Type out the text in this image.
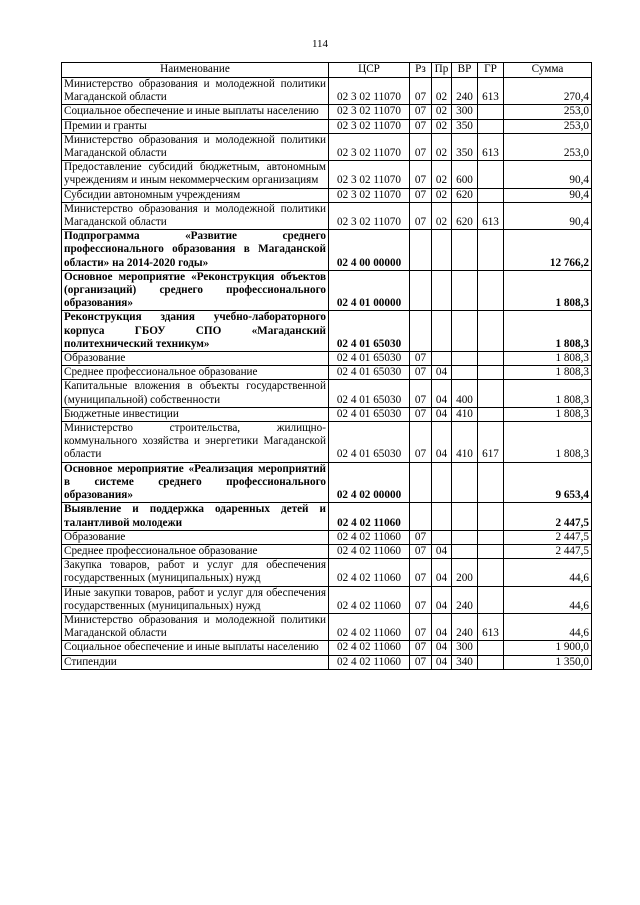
114
Наименование	ЦСР	Рз	Пр	ВР	ГР	Сумма
Министерство образования и молодежной политики Магаданской области	02 3 02 11070	07	02	240	613	270,4
Социальное обеспечение и иные выплаты населению	02 3 02 11070	07	02	300		253,0
Премии и гранты	02 3 02 11070	07	02	350		253,0
Министерство образования и молодежной политики Магаданской области	02 3 02 11070	07	02	350	613	253,0
Предоставление субсидий бюджетным, автономным учреждениям и иным некоммерческим организациям	02 3 02 11070	07	02	600		90,4
Субсидии автономным учреждениям	02 3 02 11070	07	02	620		90,4
Министерство образования и молодежной политики Магаданской области	02 3 02 11070	07	02	620	613	90,4
Подпрограмма «Развитие среднего профессионального образования в Магаданской области» на 2014-2020 годы»	02 4 00 00000					12 766,2
Основное мероприятие «Реконструкция объектов (организаций) среднего профессионального образования»	02 4 01 00000					1 808,3
Реконструкция здания учебно-лабораторного корпуса ГБОУ СПО «Магаданский политехнический техникум»	02 4 01 65030					1 808,3
Образование	02 4 01 65030	07				1 808,3
Среднее профессиональное образование	02 4 01 65030	07	04			1 808,3
Капитальные вложения в объекты государственной (муниципальной) собственности	02 4 01 65030	07	04	400		1 808,3
Бюджетные инвестиции	02 4 01 65030	07	04	410		1 808,3
Министерство строительства, жилищно-коммунального хозяйства и энергетики Магаданской области	02 4 01 65030	07	04	410	617	1 808,3
Основное мероприятие «Реализация мероприятий в системе среднего профессионального образования»	02 4 02 00000					9 653,4
Выявление и поддержка одаренных детей и талантливой молодежи	02 4 02 11060					2 447,5
Образование	02 4 02 11060	07				2 447,5
Среднее профессиональное образование	02 4 02 11060	07	04			2 447,5
Закупка товаров, работ и услуг для обеспечения государственных (муниципальных) нужд	02 4 02 11060	07	04	200		44,6
Иные закупки товаров, работ и услуг для обеспечения государственных (муниципальных) нужд	02 4 02 11060	07	04	240		44,6
Министерство образования и молодежной политики Магаданской области	02 4 02 11060	07	04	240	613	44,6
Социальное обеспечение и иные выплаты населению	02 4 02 11060	07	04	300		1 900,0
Стипендии	02 4 02 11060	07	04	340		1 350,0
